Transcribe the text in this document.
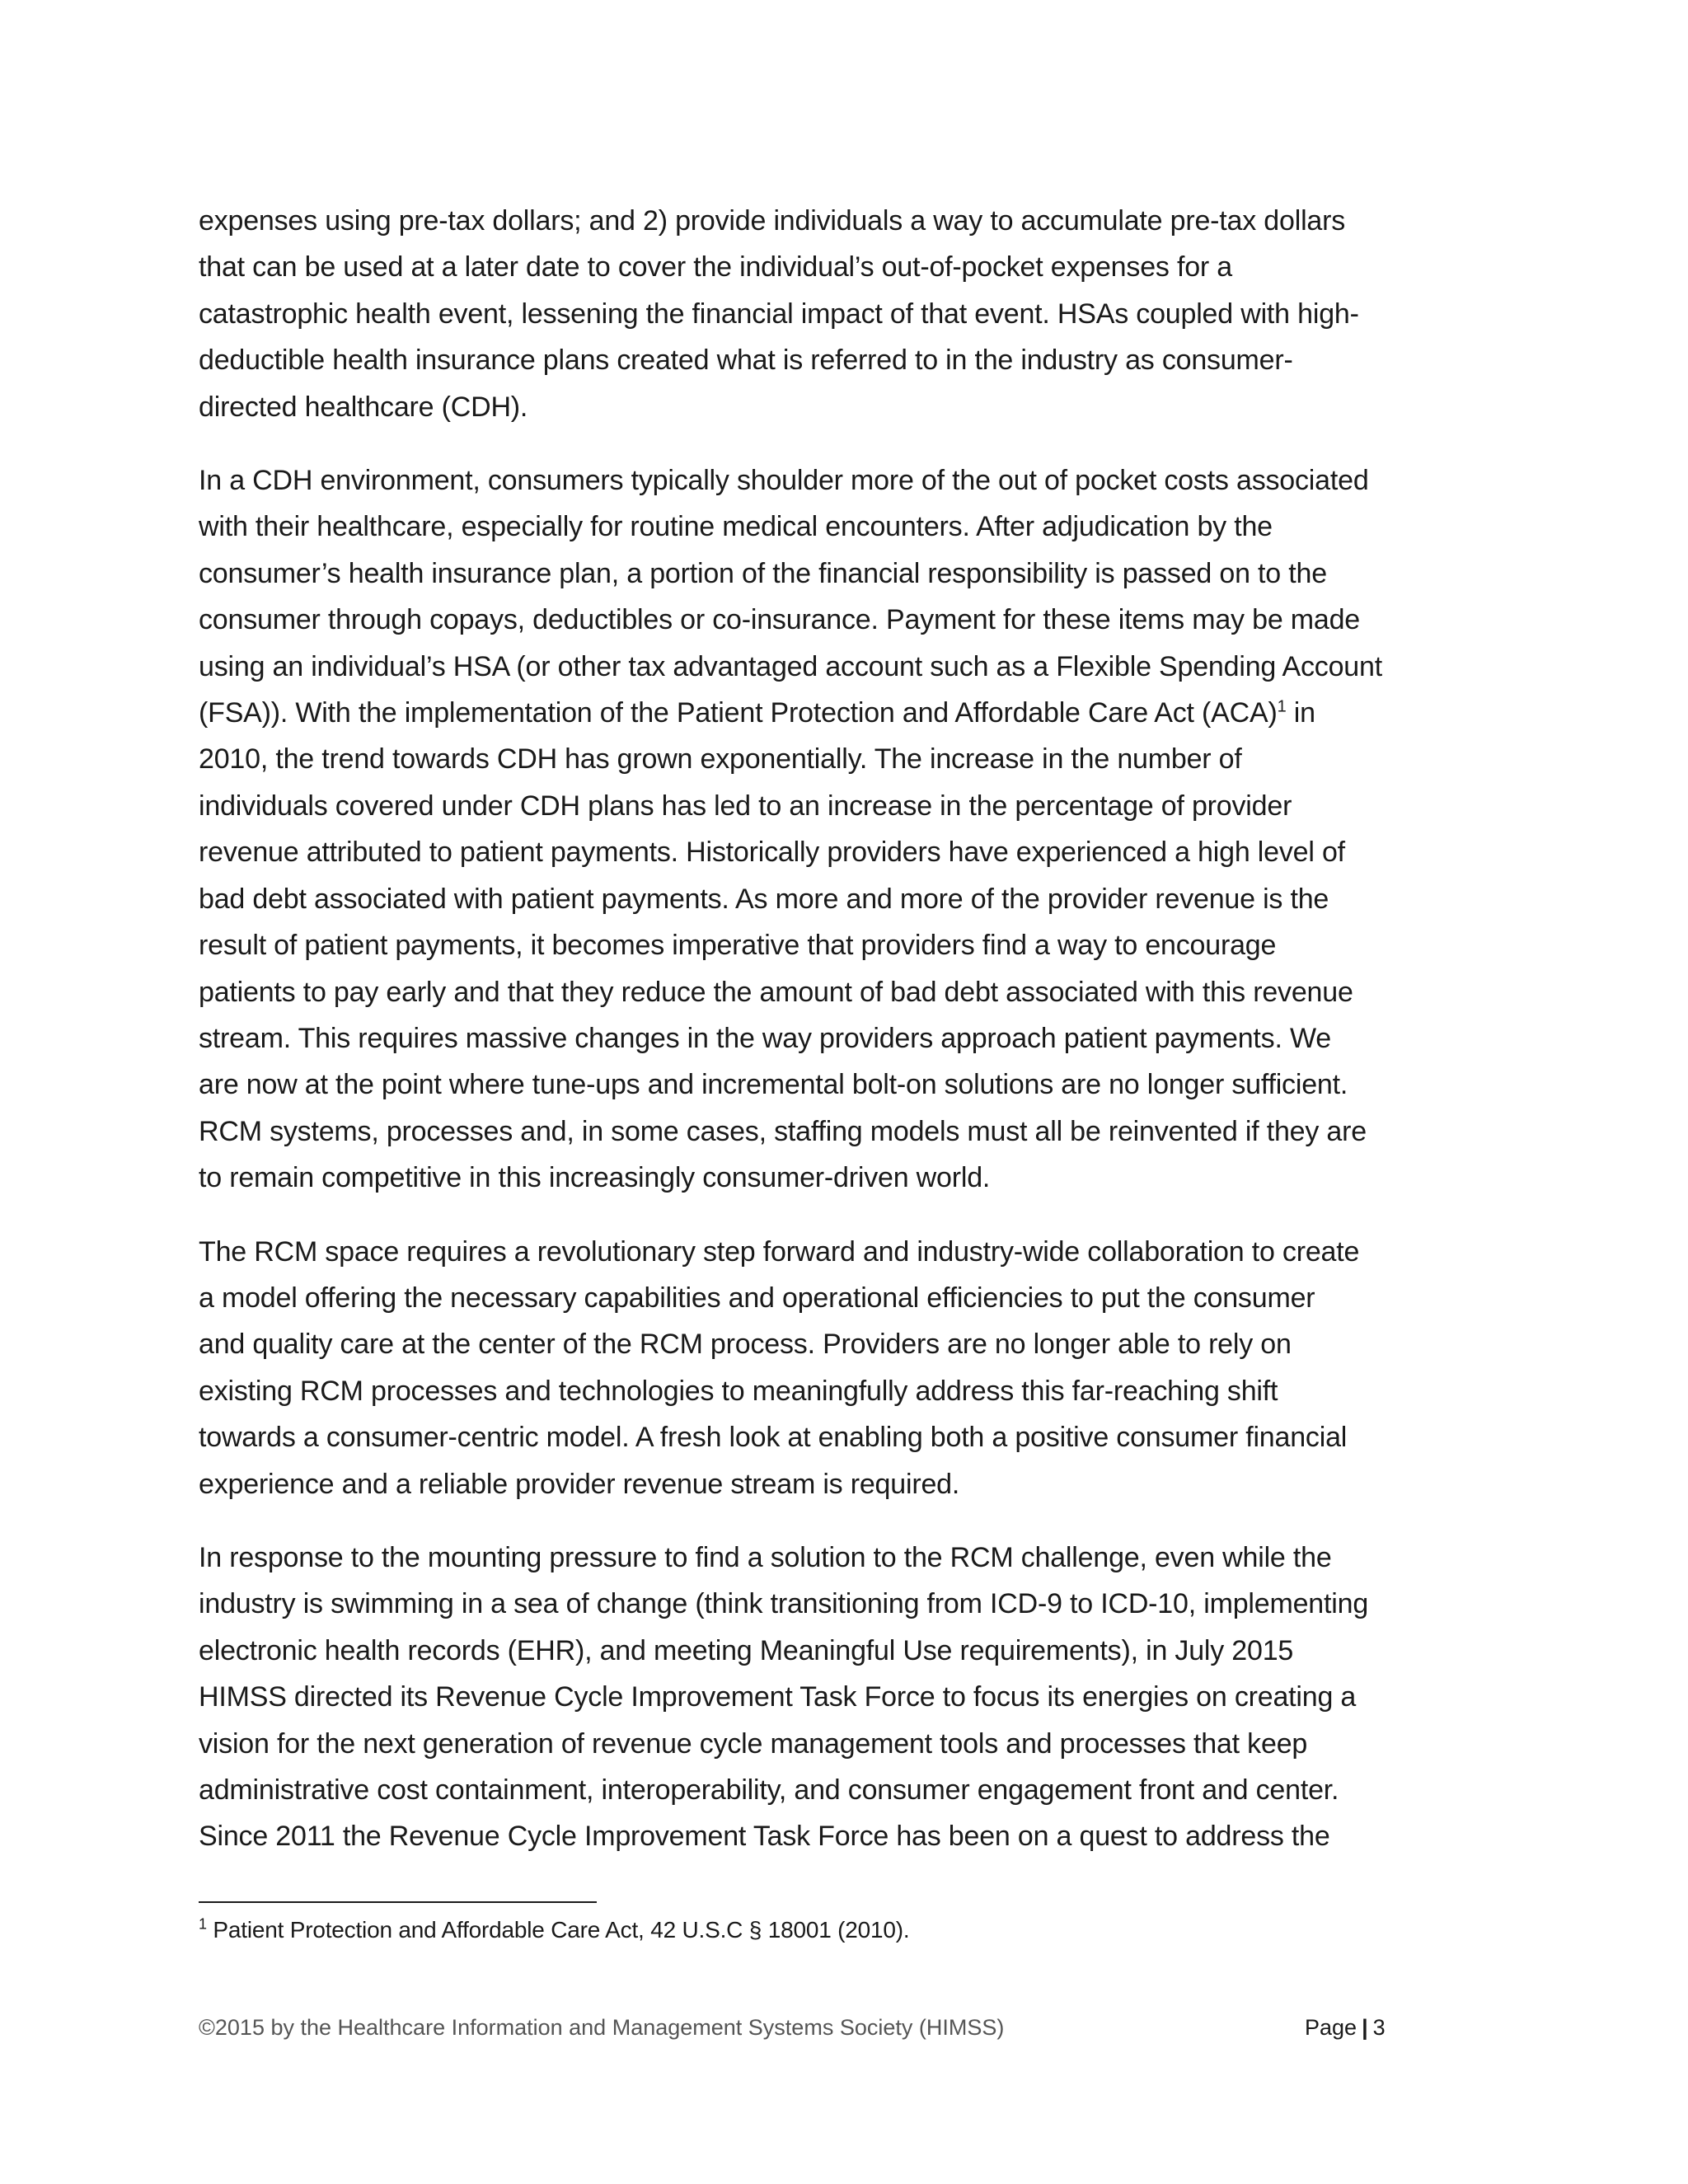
expenses using pre-tax dollars; and 2) provide individuals a way to accumulate pre-tax dollars
that can be used at a later date to cover the individual’s out-of-pocket expenses for a
catastrophic health event, lessening the financial impact of that event. HSAs coupled with high-
deductible health insurance plans created what is referred to in the industry as consumer-
directed healthcare (CDH).

In a CDH environment, consumers typically shoulder more of the out of pocket costs associated
with their healthcare, especially for routine medical encounters. After adjudication by the
consumer’s health insurance plan, a portion of the financial responsibility is passed on to the
consumer through copays, deductibles or co-insurance. Payment for these items may be made
using an individual’s HSA (or other tax advantaged account such as a Flexible Spending Account
(FSA)). With the implementation of the Patient Protection and Affordable Care Act (ACA)$^1$ in
2010, the trend towards CDH has grown exponentially. The increase in the number of
individuals covered under CDH plans has led to an increase in the percentage of provider
revenue attributed to patient payments. Historically providers have experienced a high level of
bad debt associated with patient payments. As more and more of the provider revenue is the
result of patient payments, it becomes imperative that providers find a way to encourage
patients to pay early and that they reduce the amount of bad debt associated with this revenue
stream. This requires massive changes in the way providers approach patient payments. We
are now at the point where tune-ups and incremental bolt-on solutions are no longer sufficient.
RCM systems, processes and, in some cases, staffing models must all be reinvented if they are
to remain competitive in this increasingly consumer-driven world.

The RCM space requires a revolutionary step forward and industry-wide collaboration to create
a model offering the necessary capabilities and operational efficiencies to put the consumer
and quality care at the center of the RCM process. Providers are no longer able to rely on
existing RCM processes and technologies to meaningfully address this far-reaching shift
towards a consumer-centric model. A fresh look at enabling both a positive consumer financial
experience and a reliable provider revenue stream is required.

In response to the mounting pressure to find a solution to the RCM challenge, even while the
industry is swimming in a sea of change (think transitioning from ICD-9 to ICD-10, implementing
electronic health records (EHR), and meeting Meaningful Use requirements), in July 2015
HIMSS directed its Revenue Cycle Improvement Task Force to focus its energies on creating a
vision for the next generation of revenue cycle management tools and processes that keep
administrative cost containment, interoperability, and consumer engagement front and center.
Since 2011 the Revenue Cycle Improvement Task Force has been on a quest to address the

$^1$ Patient Protection and Affordable Care Act, 42 U.S.C § 18001 (2010).
©2015 by the Healthcare Information and Management Systems Society (HIMSS)	Page | 3
